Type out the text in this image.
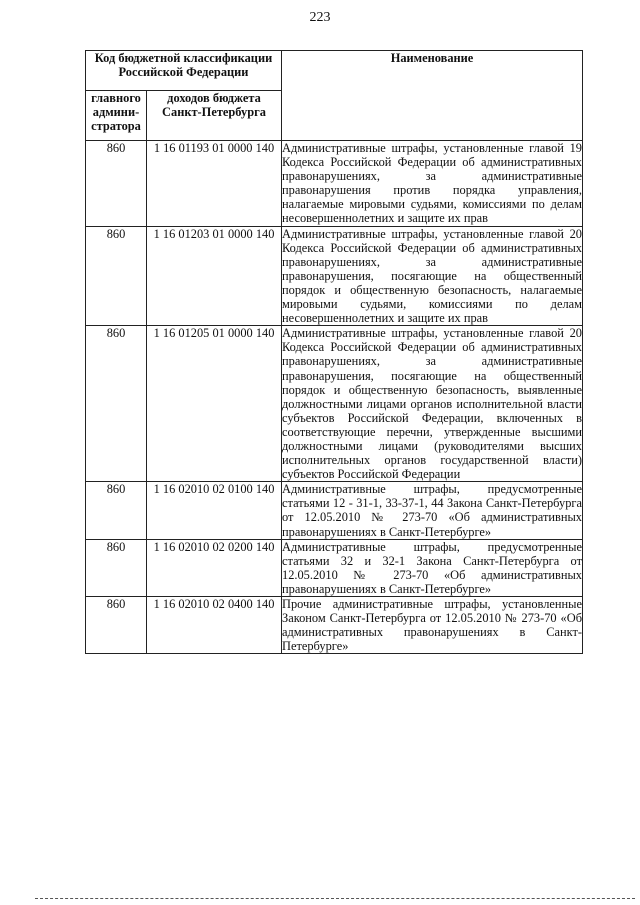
223
Код бюджетной классификации Российской Федерации		Наименование
главного админи-стратора	доходов бюджета Санкт-Петербурга	
860	1 16 01193 01 0000 140	Административные штрафы, установленные главой 19 Кодекса Российской Федерации об административных правонарушениях, за административные правонарушения против порядка управления, налагаемые мировыми судьями, комиссиями по делам несовершеннолетних и защите их прав
860	1 16 01203 01 0000 140	Административные штрафы, установленные главой 20 Кодекса Российской Федерации об административных правонарушениях, за административные правонарушения, посягающие на общественный порядок и общественную безопасность, налагаемые мировыми судьями, комиссиями по делам несовершеннолетних и защите их прав
860	1 16 01205 01 0000 140	Административные штрафы, установленные главой 20 Кодекса Российской Федерации об административных правонарушениях, за административные правонарушения, посягающие на общественный порядок и общественную безопасность, выявленные должностными лицами органов исполнительной власти субъектов Российской Федерации, включенных в соответствующие перечни, утвержденные высшими должностными лицами (руководителями высших исполнительных органов государственной власти) субъектов Российской Федерации
860	1 16 02010 02 0100 140	Административные штрафы, предусмотренные статьями 12 - 31-1, 33-37-1, 44 Закона Санкт-Петербурга от 12.05.2010 № 273-70 «Об административных правонарушениях в Санкт-Петербурге»
860	1 16 02010 02 0200 140	Административные штрафы, предусмотренные статьями 32 и 32-1 Закона Санкт-Петербурга от 12.05.2010 № 273-70 «Об административных правонарушениях в Санкт-Петербурге»
860	1 16 02010 02 0400 140	Прочие административные штрафы, установленные Законом Санкт-Петербурга от 12.05.2010 № 273-70 «Об административных правонарушениях в Санкт-Петербурге»
